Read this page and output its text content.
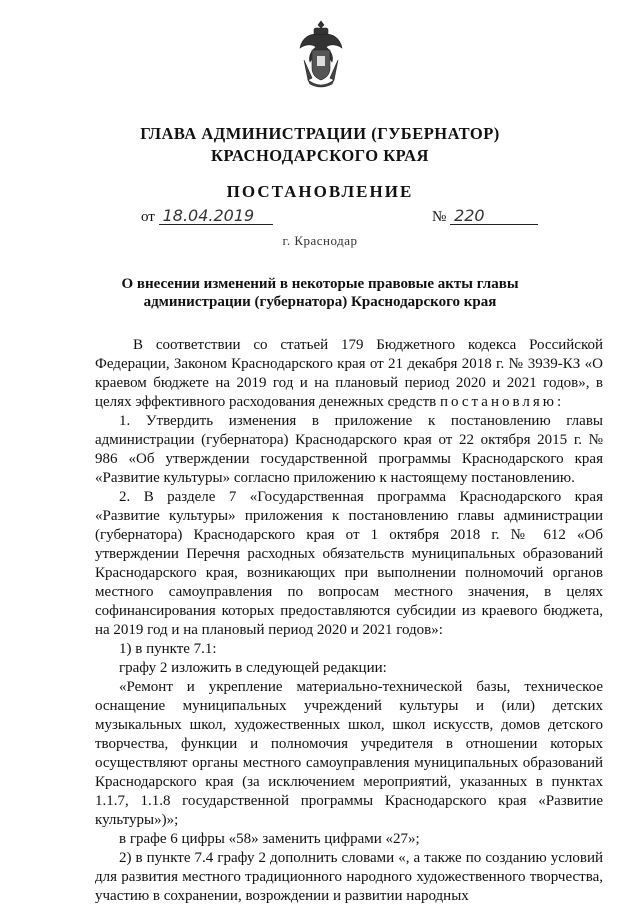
ГЛАВА АДМИНИСТРАЦИИ (ГУБЕРНАТОР)
КРАСНОДАРСКОГО КРАЯ
ПОСТАНОВЛЕНИЕ
от 18.04.2019	№ 220
г. Краснодар
О внесении изменений в некоторые правовые акты главы
администрации (губернатора) Краснодарского края

В соответствии со статьей 179 Бюджетного кодекса Российской Федерации, Законом Краснодарского края от 21 декабря 2018 г. № 3939-КЗ «О краевом бюджете на 2019 год и на плановый период 2020 и 2021 годов», в целях эффективного расходования денежных средств постановляю:

1. Утвердить изменения в приложение к постановлению главы администрации (губернатора) Краснодарского края от 22 октября 2015 г. № 986 «Об утверждении государственной программы Краснодарского края «Развитие культуры» согласно приложению к настоящему постановлению.

2. В разделе 7 «Государственная программа Краснодарского края «Развитие культуры» приложения к постановлению главы администрации (губернатора) Краснодарского края от 1 октября 2018 г. № 612 «Об утверждении Перечня расходных обязательств муниципальных образований Краснодарского края, возникающих при выполнении полномочий органов местного самоуправления по вопросам местного значения, в целях софинансирования которых предоставляются субсидии из краевого бюджета, на 2019 год и на плановый период 2020 и 2021 годов»:

1) в пункте 7.1:

графу 2 изложить в следующей редакции:

«Ремонт и укрепление материально-технической базы, техническое оснащение муниципальных учреждений культуры и (или) детских музыкальных школ, художественных школ, школ искусств, домов детского творчества, функции и полномочия учредителя в отношении которых осуществляют органы местного самоуправления муниципальных образований Краснодарского края (за исключением мероприятий, указанных в пунктах 1.1.7, 1.1.8 государственной программы Краснодарского края «Развитие культуры»)»;

в графе 6 цифры «58» заменить цифрами «27»;

2) в пункте 7.4 графу 2 дополнить словами «, а также по созданию условий для развития местного традиционного народного художественного творчества, участию в сохранении, возрождении и развитии народных
